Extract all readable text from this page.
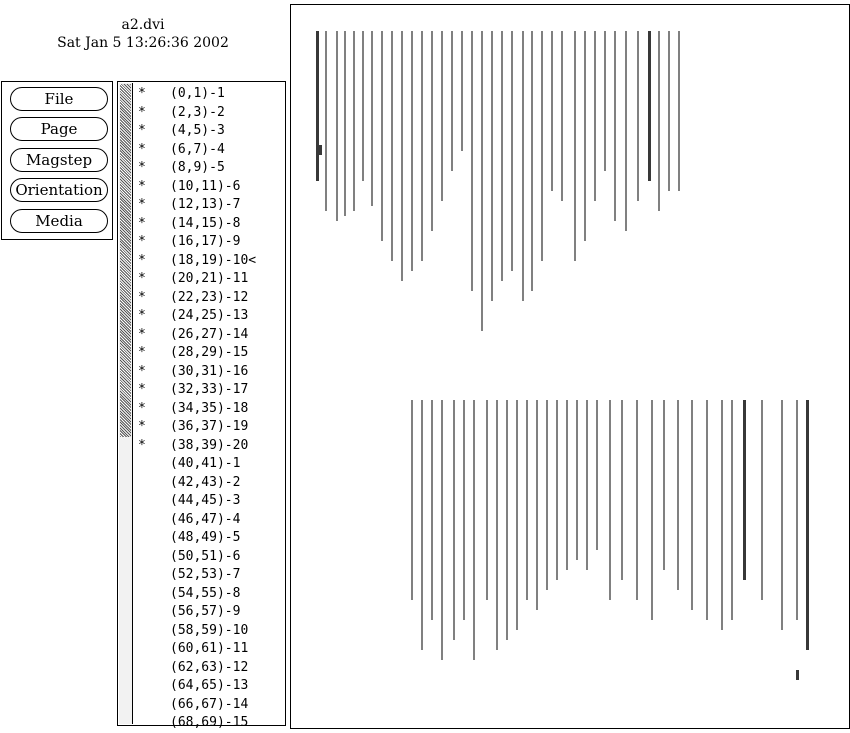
a2.dvi
Sat Jan 5 13:26:36 2002
File
Page
Magstep
Orientation
Media
* (0,1)-1
* (2,3)-2
* (4,5)-3
* (6,7)-4
* (8,9)-5
* (10,11)-6
* (12,13)-7
* (14,15)-8
* (16,17)-9
* (18,19)-10<
* (20,21)-11
* (22,23)-12
* (24,25)-13
* (26,27)-14
* (28,29)-15
* (30,31)-16
* (32,33)-17
* (34,35)-18
* (36,37)-19
* (38,39)-20
(40,41)-1
(42,43)-2
(44,45)-3
(46,47)-4
(48,49)-5
(50,51)-6
(52,53)-7
(54,55)-8
(56,57)-9
(58,59)-10
(60,61)-11
(62,63)-12
(64,65)-13
(66,67)-14
(68,69)-15
